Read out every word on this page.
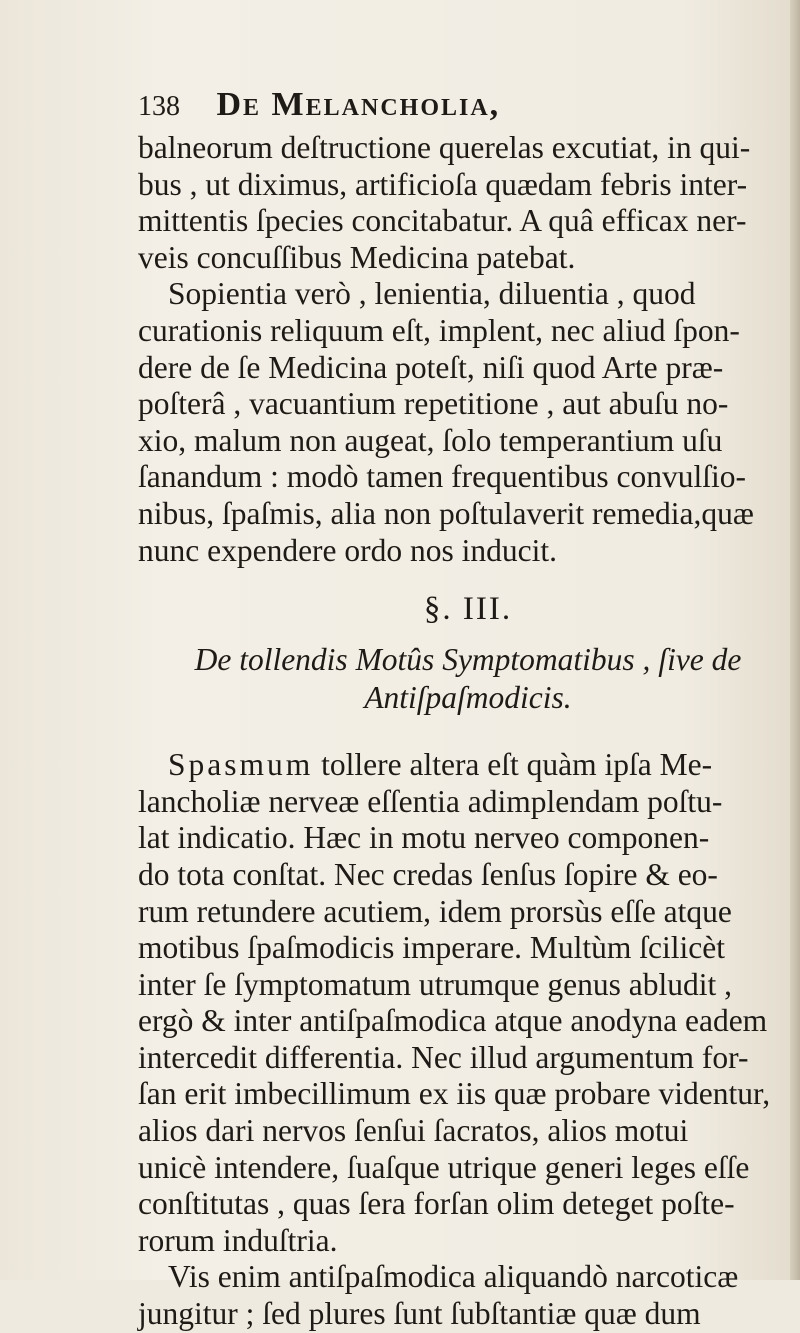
138 De Melancholia,
balneorum deſtructione querelas excutiat, in qui-
bus , ut diximus, artificioſa quædam febris inter-
mittentis ſpecies concitabatur. A quâ efficax ner-
veis concuſſibus Medicina patebat.
Sopientia verò , lenientia, diluentia , quod
curationis reliquum eſt, implent, nec aliud ſpon-
dere de ſe Medicina poteſt, niſi quod Arte præ-
poſterâ , vacuantium repetitione , aut abuſu no-
xio, malum non augeat, ſolo temperantium uſu
ſanandum : modò tamen frequentibus convulſio-
nibus, ſpaſmis, alia non poſtulaverit remedia,quæ
nunc expendere ordo nos inducit.
§. III.
De tollendis Motûs Symptomatibus , ſive de
Antiſpaſmodicis.
Spasmum tollere altera eſt quàm ipſa Me-
lancholiæ nerveæ eſſentia adimplendam poſtu-
lat indicatio. Hæc in motu nerveo componen-
do tota conſtat. Nec credas ſenſus ſopire & eo-
rum retundere acutiem, idem prorsùs eſſe atque
motibus ſpaſmodicis imperare. Multùm ſcilicèt
inter ſe ſymptomatum utrumque genus abludit ,
ergò & inter antiſpaſmodica atque anodyna eadem
intercedit differentia. Nec illud argumentum for-
ſan erit imbecillimum ex iis quæ probare videntur,
alios dari nervos ſenſui ſacratos, alios motui
unicè intendere, ſuaſque utrique generi leges eſſe
conſtitutas , quas ſera forſan olim deteget poſte-
rorum induſtria.
Vis enim antiſpaſmodica aliquandò narcoticæ
jungitur ; ſed plures ſunt ſubſtantiæ quæ dum
